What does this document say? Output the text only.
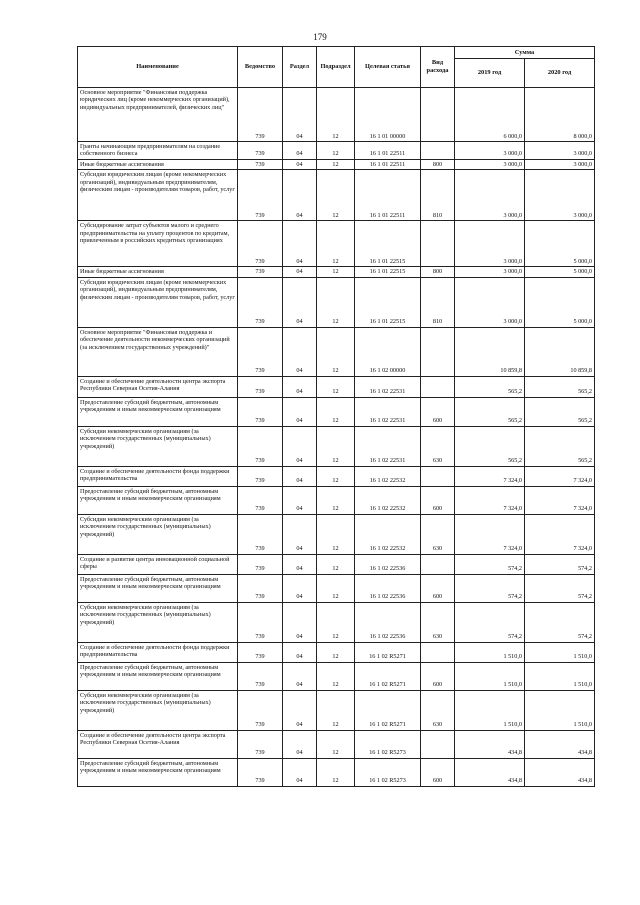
179
Наименование	Ведомство	Раздел	Подраздел	Целевая статья	Вид расхода	Сумма	
						2019 год	2020 год
Основное мероприятие "Финансовая поддержка юридических лиц (кроме некоммерческих организаций), индивидуальных предпринимателей, физических лиц"	739	04	12	16 1 01 00000		6 000,0	8 000,0
Гранты начинающим предпринимателям на создание собственного бизнеса	739	04	12	16 1 01 22511		3 000,0	3 000,0
Иные бюджетные ассигнования	739	04	12	16 1 01 22511	800	3 000,0	3 000,0
Субсидии юридическим лицам (кроме некоммерческих организаций), индивидуальным предпринимателям, физическим лицам - производителям товаров, работ, услуг	739	04	12	16 1 01 22511	810	3 000,0	3 000,0
Субсидирование затрат субъектов малого и среднего предпринимательства на уплату процентов по кредитам, привлеченным в российских кредитных организациях	739	04	12	16 1 01 22515		3 000,0	5 000,0
Иные бюджетные ассигнования	739	04	12	16 1 01 22515	800	3 000,0	5 000,0
Субсидии юридическим лицам (кроме некоммерческих организаций), индивидуальным предпринимателям, физическим лицам - производителям товаров, работ, услуг	739	04	12	16 1 01 22515	810	3 000,0	5 000,0
Основное мероприятие "Финансовая поддержка и обеспечение деятельности некоммерческих организаций (за исключением государственных учреждений)"	739	04	12	16 1 02 00000		10 859,8	10 859,8
Создание и обеспечение деятельности центра экспорта Республики Северная Осетия-Алания	739	04	12	16 1 02 22531		565,2	565,2
Предоставление субсидий бюджетным, автономным учреждениям и иным некоммерческим организациям	739	04	12	16 1 02 22531	600	565,2	565,2
Субсидии некоммерческим организациям (за исключением государственных (муниципальных) учреждений)	739	04	12	16 1 02 22531	630	565,2	565,2
Создание и обеспечение деятельности фонда поддержки предпринимательства	739	04	12	16 1 02 22532		7 324,0	7 324,0
Предоставление субсидий бюджетным, автономным учреждениям и иным некоммерческим организациям	739	04	12	16 1 02 22532	600	7 324,0	7 324,0
Субсидии некоммерческим организациям (за исключением государственных (муниципальных) учреждений)	739	04	12	16 1 02 22532	630	7 324,0	7 324,0
Создание и развитие центра инновационной социальной сферы	739	04	12	16 1 02 22536		574,2	574,2
Предоставление субсидий бюджетным, автономным учреждениям и иным некоммерческим организациям	739	04	12	16 1 02 22536	600	574,2	574,2
Субсидии некоммерческим организациям (за исключением государственных (муниципальных) учреждений)	739	04	12	16 1 02 22536	630	574,2	574,2
Создание и обеспечение деятельности фонда поддержки предпринимательства	739	04	12	16 1 02 R5271		1 510,0	1 510,0
Предоставление субсидий бюджетным, автономным учреждениям и иным некоммерческим организациям	739	04	12	16 1 02 R5271	600	1 510,0	1 510,0
Субсидии некоммерческим организациям (за исключением государственных (муниципальных) учреждений)	739	04	12	16 1 02 R5271	630	1 510,0	1 510,0
Создание и обеспечение деятельности центра экспорта Республики Северная Осетия-Алания	739	04	12	16 1 02 R5273		434,8	434,8
Предоставление субсидий бюджетным, автономным учреждениям и иным некоммерческим организациям	739	04	12	16 1 02 R5273	600	434,8	434,8
